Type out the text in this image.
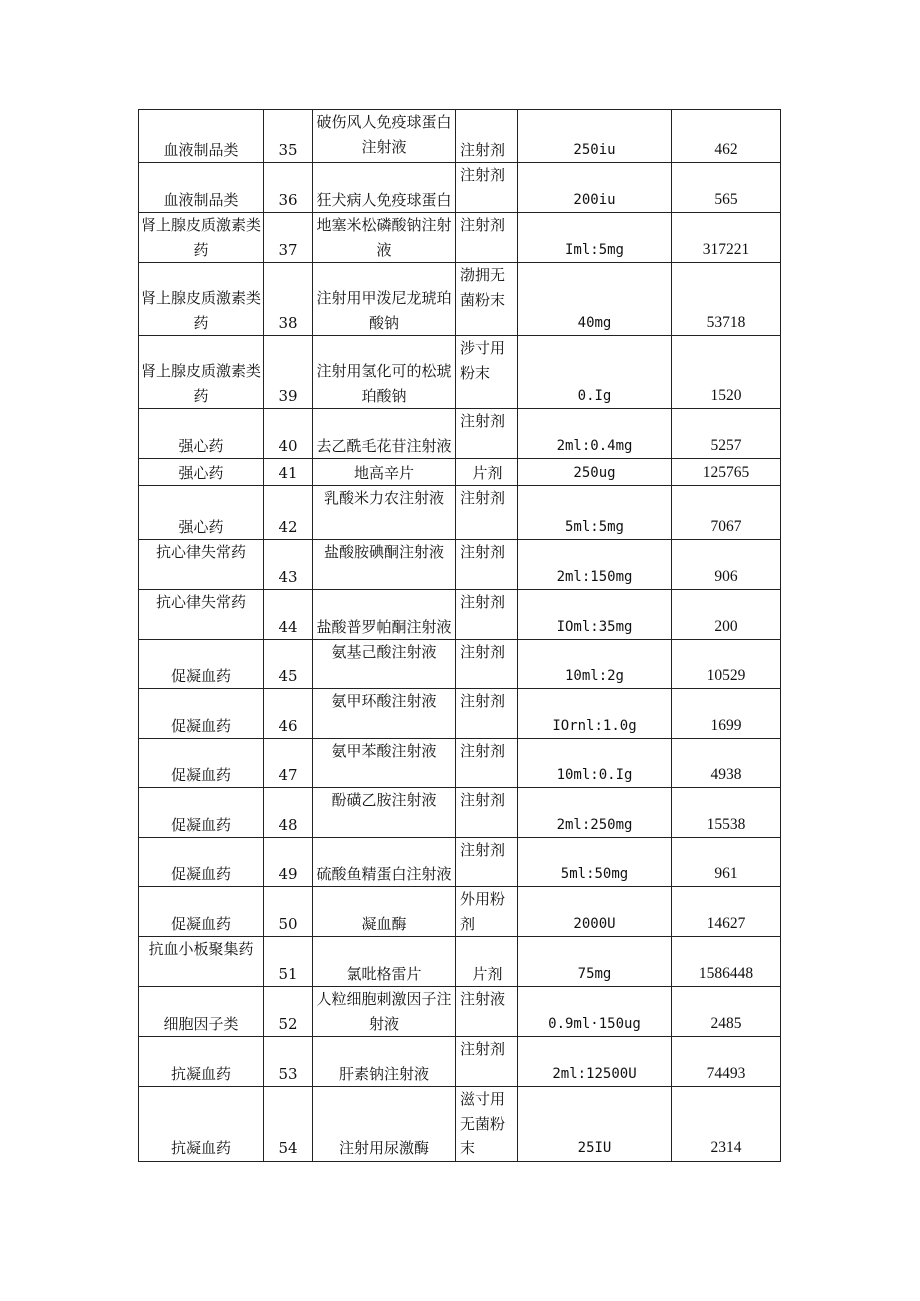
血液制品类	35	破伤风人免疫球蛋白注射液	注射剂	250iu	462
血液制品类	36	狂犬病人免疫球蛋白	注射剂	200iu	565
肾上腺皮质激素类药	37	地塞米松磷酸钠注射液	注射剂	Iml:5mg	317221
肾上腺皮质激素类药	38	注射用甲泼尼龙琥珀酸钠	渤拥无菌粉末	40mg	53718
肾上腺皮质激素类药	39	注射用氢化可的松琥珀酸钠	涉寸用粉末	0.Ig	1520
强心药	40	去乙酰毛花苷注射液	注射剂	2ml:0.4mg	5257
强心药	41	地高辛片	片剂	250ug	125765
强心药	42	乳酸米力农注射液	注射剂	5ml:5mg	7067
抗心律失常药	43	盐酸胺碘酮注射液	注射剂	2ml:150mg	906
抗心律失常药	44	盐酸普罗帕酮注射液	注射剂	IOml:35mg	200
促凝血药	45	氨基己酸注射液	注射剂	10ml:2g	10529
促凝血药	46	氨甲环酸注射液	注射剂	IOrnl:1.0g	1699
促凝血药	47	氨甲苯酸注射液	注射剂	10ml:0.Ig	4938
促凝血药	48	酚磺乙胺注射液	注射剂	2ml:250mg	15538
促凝血药	49	硫酸鱼精蛋白注射液	注射剂	5ml:50mg	961
促凝血药	50	凝血酶	外用粉剂	2000U	14627
抗血小板聚集药	51	氯吡格雷片	片剂	75mg	1586448
细胞因子类	52	人粒细胞刺激因子注射液	注射液	0.9ml·150ug	2485
抗凝血药	53	肝素钠注射液	注射剂	2ml:12500U	74493
抗凝血药	54	注射用尿激酶	滋寸用无菌粉末	25IU	2314
